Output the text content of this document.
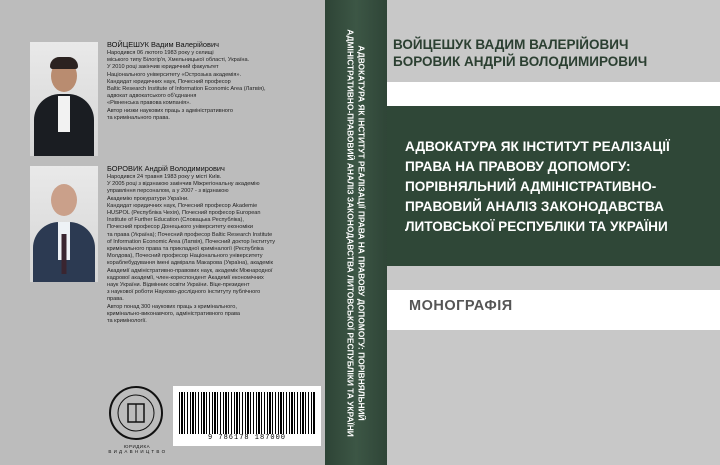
ВОЙЦЕШУК Вадим Валерійович

Народився 06 лютого 1983 року у селищі

міського типу Білогір'я, Хмельницької області, Україна.

У 2010 році закінчив юридичний факультет

Національного університету «Острозька академія».

Кандидат юридичних наук, Почесний професор

Baltic Research Institute of Information Economic Area (Латвія),

адвокат адвокатського об'єднання

«Рівненська правова компанія».

Автор низки наукових праць з адміністративного

та кримінального права.

БОРОВИК Андрій Володимирович

Народився 24 травня 1983 року у місті Київ.

У 2005 році з відзнакою закінчив Міжрегіональну академію

управління персоналом, а у 2007 - з відзнакою

Академію прокуратури України.

Кандидат юридичних наук, Почесний професор Akademie

HUSPOL (Республіка Чехія), Почесний професор European

Institute of Further Education (Словацька Республіка),

Почесний професор Донецького університету економіки

та права (Україна); Почесний професор Baltic Research Institute

of Information Economic Area (Латвія), Почесний доктор Інституту

кримінального права та прикладної криміналогії (Республіка

Молдова), Почесний професор Національного університету

кораблебудування імені адмірала Макарова (Україна), академік

Академії адміністративно-правових наук, академік Міжнародної

кадрової академії, член-кореспондент Академії економічних

наук України. Відмінник освіти України. Віце-президент

з наукової роботи Науково-дослідного інституту публічного

права.

Автор понад 300 наукових праць з кримінального,

кримінально-виконавчого, адміністративного права

та кримінології.

ЮРИДИКА
В И Д А В Н И Ц Т В О
9 786178 187000
АДВОКАТУРА ЯК ІНСТИТУТ РЕАЛІЗАЦІЇ ПРАВА НА ПРАВОВУ ДОПОМОГУ: ПОРІВНЯЛЬНИЙ
АДМІНІСТРАТИВНО-ПРАВОВИЙ АНАЛІЗ ЗАКОНОДАВСТВА ЛИТОВСЬКОЇ РЕСПУБЛІКИ ТА УКРАЇНИ	ВОЙЦЕШУК ВАДИМ ВАЛЕРІЙОВИЧ
БОРОВИК АНДРІЙ ВОЛОДИМИРОВИЧ
АДВОКАТУРА ЯК ІНСТИТУТ РЕАЛІЗАЦІЇ
ПРАВА НА ПРАВОВУ ДОПОМОГУ:
ПОРІВНЯЛЬНИЙ АДМІНІСТРАТИВНО-
ПРАВОВИЙ АНАЛІЗ ЗАКОНОДАВСТВА
ЛИТОВСЬКОЇ РЕСПУБЛІКИ ТА УКРАЇНИ
МОНОГРАФІЯ
